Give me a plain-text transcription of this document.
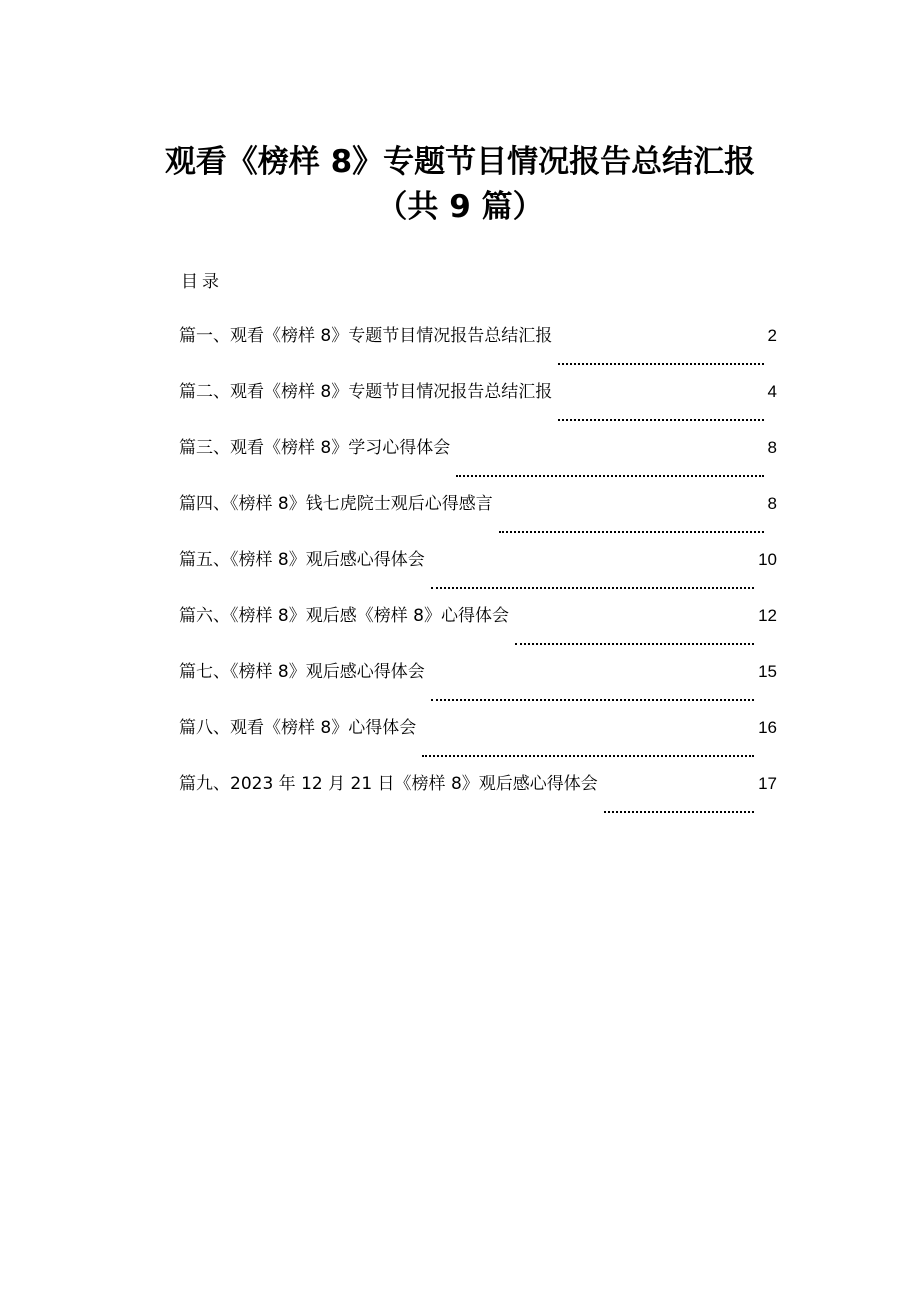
观看《榜样 8》专题节目情况报告总结汇报
（共 9 篇）
目录
篇一、观看《榜样 8》专题节目情况报告总结汇报	2
篇二、观看《榜样 8》专题节目情况报告总结汇报	4
篇三、观看《榜样 8》学习心得体会	8
篇四、《榜样 8》钱七虎院士观后心得感言	8
篇五、《榜样 8》观后感心得体会	10
篇六、《榜样 8》观后感《榜样 8》心得体会	12
篇七、《榜样 8》观后感心得体会	15
篇八、观看《榜样 8》心得体会	16
篇九、2023 年 12 月 21 日《榜样 8》观后感心得体会	17
